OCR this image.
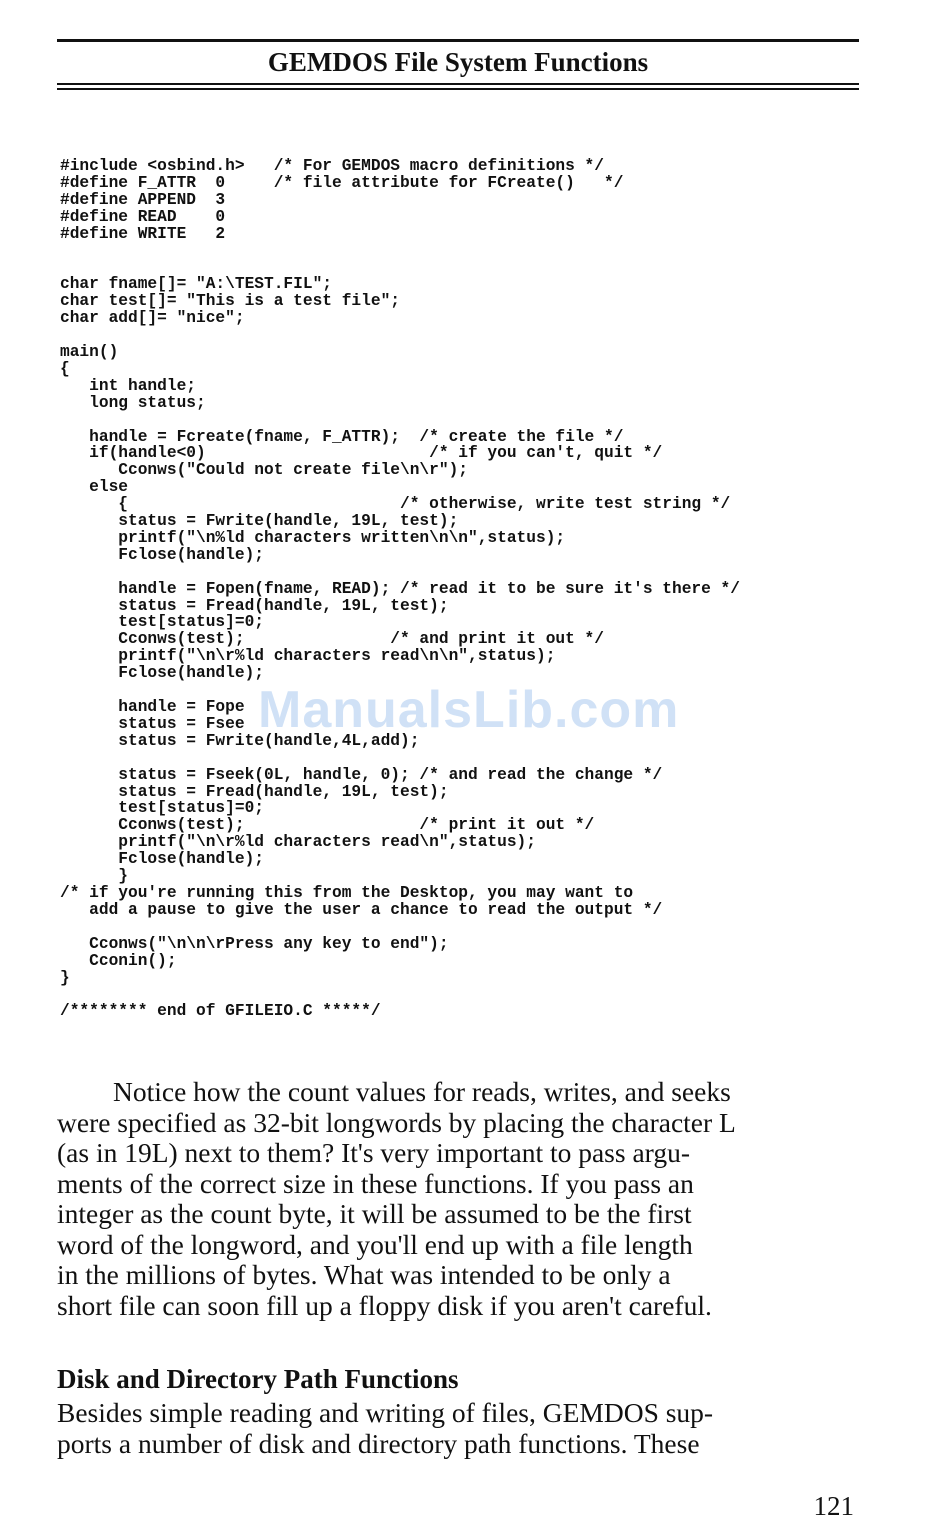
GEMDOS File System Functions
#include <osbind.h>   /* For GEMDOS macro definitions */
#define F_ATTR  0     /* file attribute for FCreate()   */
#define APPEND  3
#define READ    0
#define WRITE   2

char fname[]= "A:\TEST.FIL";
char test[]= "This is a test file";
char add[]= "nice";

main()
{
int handle;
long status;

handle = Fcreate(fname, F_ATTR);  /* create the file */
if(handle<0)                       /* if you can't, quit */
Cconws("Could not create file\n\r");
else
{                            /* otherwise, write test string */
status = Fwrite(handle, 19L, test);
printf("\n%ld characters written\n\n",status);
Fclose(handle);

handle = Fopen(fname, READ); /* read it to be sure it's there */
status = Fread(handle, 19L, test);
test[status]=0;
Cconws(test);               /* and print it out */
printf("\n\r%ld characters read\n\n",status);
Fclose(handle);

handle = Fope
status = Fsee
status = Fwrite(handle,4L,add);

status = Fseek(0L, handle, 0); /* and read the change */
status = Fread(handle, 19L, test);
test[status]=0;
Cconws(test);                  /* print it out */
printf("\n\r%ld characters read\n",status);
Fclose(handle);
}
/* if you're running this from the Desktop, you may want to
add a pause to give the user a chance to read the output */

Cconws("\n\n\rPress any key to end");
Cconin();
}

/******** end of GFILEIO.C *****/
ManualsLib.com

Notice how the count values for reads, writes, and seeks
were specified as 32-bit longwords by placing the character L
(as in 19L) next to them? It's very important to pass argu-
ments of the correct size in these functions. If you pass an
integer as the count byte, it will be assumed to be the first
word of the longword, and you'll end up with a file length
in the millions of bytes. What was intended to be only a
short file can soon fill up a floppy disk if you aren't careful.

Disk and Directory Path Functions

Besides simple reading and writing of files, GEMDOS sup-
ports a number of disk and directory path functions. These

121
